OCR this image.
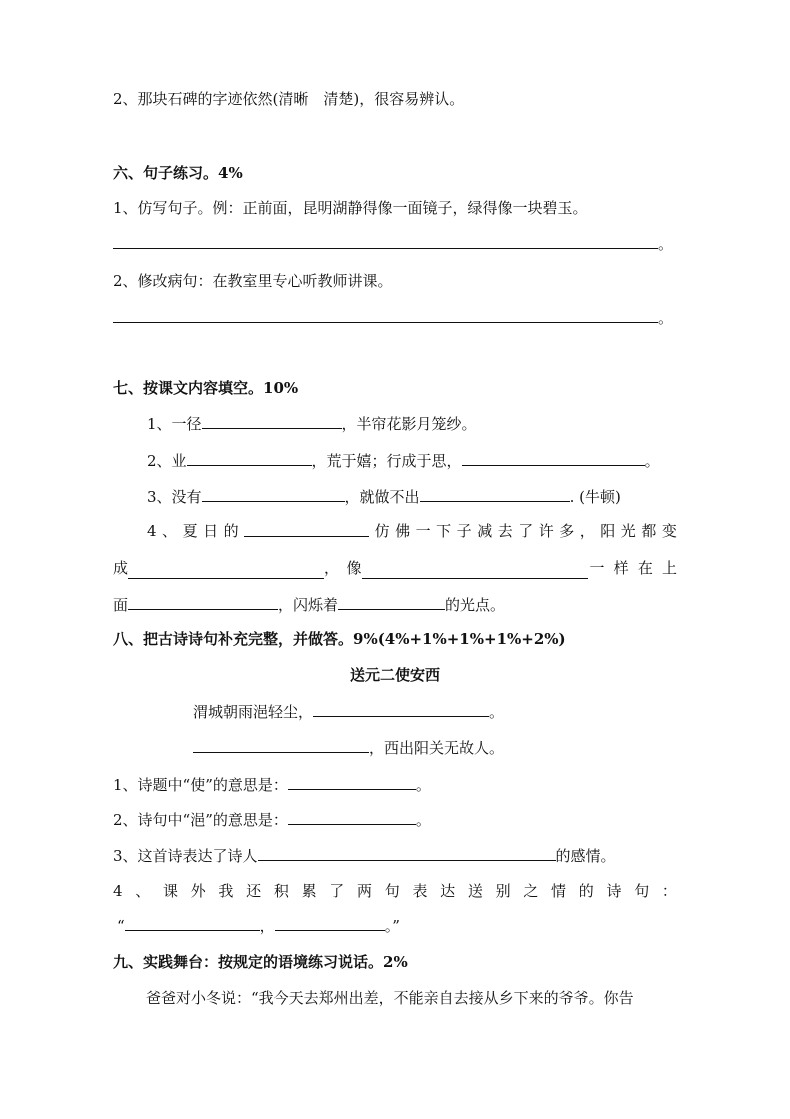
2、那块石碑的字迹依然(清晰　清楚)，很容易辨认。
六、句子练习。4%
1、仿写句子。例：正前面，昆明湖静得像一面镜子，绿得像一块碧玉。
。
2、修改病句：在教室里专心听教师讲课。
。
七、按课文内容填空。10%
1、一径	，半帘花影月笼纱。
2、业	，荒于嬉；行成于思，	。
3、没有	，就做不出	. (牛顿)
4 、 夏 日 的	仿 佛 一 下 子 减 去 了 许 多 ， 阳 光 都 变
成	，　像	一 样 在 上
面	，闪烁着	的光点。
八、把古诗诗句补充完整，并做答。9%(4%+1%+1%+1%+2%)
送元二使安西
渭城朝雨浥轻尘，	。
，西出阳关无故人。
1、诗题中“使”的意思是：	。
2、诗句中“浥”的意思是：	。
3、这首诗表达了诗人	的感情。
4 、 课 外 我 还 积 累 了 两 句 表 达 送 别 之 情 的 诗 句 ：
“	，	。”
九、实践舞台：按规定的语境练习说话。2%
爸爸对小冬说：“我今天去郑州出差，不能亲自去接从乡下来的爷爷。你告
